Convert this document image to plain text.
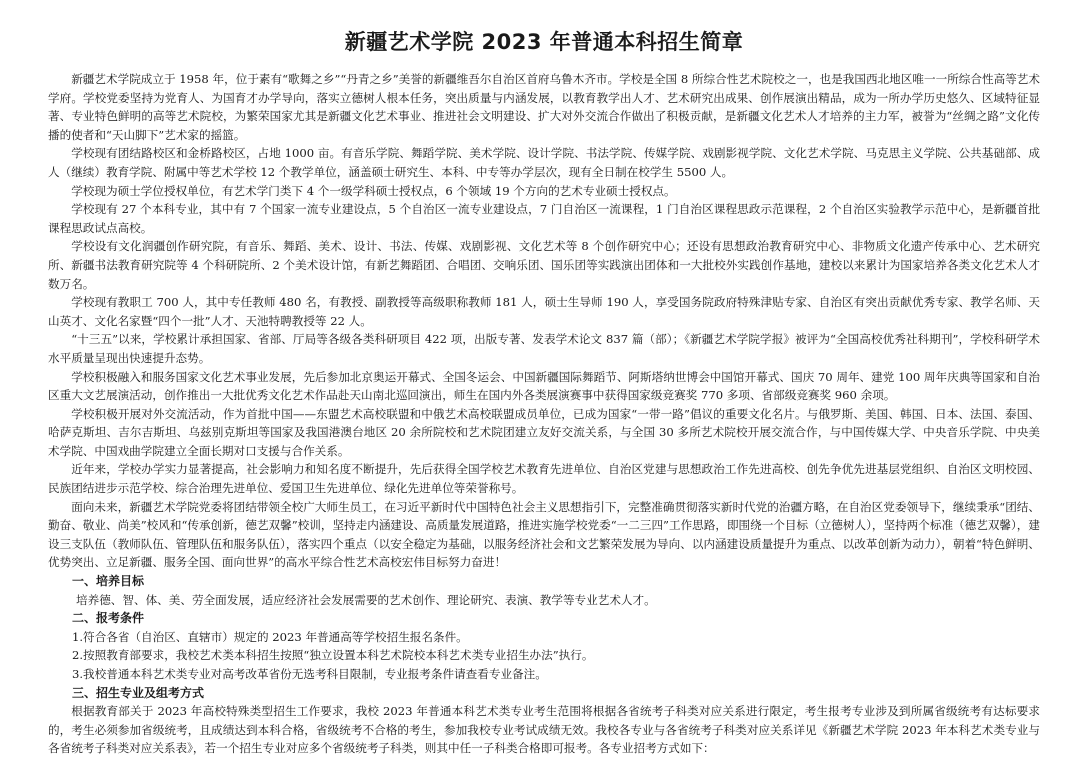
新疆艺术学院 2023 年普通本科招生简章

新疆艺术学院成立于 1958 年，位于素有“歌舞之乡”“丹青之乡”美誉的新疆维吾尔自治区首府乌鲁木齐市。学校是全国 8 所综合性艺术院校之一，也是我国西北地区唯一一所综合性高等艺术学府。学校党委坚持为党育人、为国育才办学导向，落实立德树人根本任务，突出质量与内涵发展，以教育教学出人才、艺术研究出成果、创作展演出精品，成为一所办学历史悠久、区域特征显著、专业特色鲜明的高等艺术院校，为繁荣国家尤其是新疆文化艺术事业、推进社会文明建设、扩大对外交流合作做出了积极贡献，是新疆文化艺术人才培养的主力军，被誉为“丝绸之路”文化传播的使者和“天山脚下”艺术家的摇篮。

学校现有团结路校区和金桥路校区，占地 1000 亩。有音乐学院、舞蹈学院、美术学院、设计学院、书法学院、传媒学院、戏剧影视学院、文化艺术学院、马克思主义学院、公共基础部、成人（继续）教育学院、附属中等艺术学校 12 个教学单位，涵盖硕士研究生、本科、中专等办学层次，现有全日制在校学生 5500 人。

学校现为硕士学位授权单位，有艺术学门类下 4 个一级学科硕士授权点，6 个领域 19 个方向的艺术专业硕士授权点。

学校现有 27 个本科专业，其中有 7 个国家一流专业建设点，5 个自治区一流专业建设点，7 门自治区一流课程，1 门自治区课程思政示范课程，2 个自治区实验教学示范中心，是新疆首批课程思政试点高校。

学校设有文化润疆创作研究院，有音乐、舞蹈、美术、设计、书法、传媒、戏剧影视、文化艺术等 8 个创作研究中心；还设有思想政治教育研究中心、非物质文化遗产传承中心、艺术研究所、新疆书法教育研究院等 4 个科研院所、2 个美术设计馆，有新艺舞蹈团、合唱团、交响乐团、国乐团等实践演出团体和一大批校外实践创作基地，建校以来累计为国家培养各类文化艺术人才数万名。

学校现有教职工 700 人，其中专任教师 480 名，有教授、副教授等高级职称教师 181 人，硕士生导师 190 人，享受国务院政府特殊津贴专家、自治区有突出贡献优秀专家、教学名师、天山英才、文化名家暨“四个一批”人才、天池特聘教授等 22 人。

“十三五”以来，学校累计承担国家、省部、厅局等各级各类科研项目 422 项，出版专著、发表学术论文 837 篇（部）；《新疆艺术学院学报》被评为“全国高校优秀社科期刊”，学校科研学术水平质量呈现出快速提升态势。

学校积极融入和服务国家文化艺术事业发展，先后参加北京奥运开幕式、全国冬运会、中国新疆国际舞蹈节、阿斯塔纳世博会中国馆开幕式、国庆 70 周年、建党 100 周年庆典等国家和自治区重大文艺展演活动，创作推出一大批优秀文化艺术作品赴天山南北巡回演出，师生在国内外各类展演赛事中获得国家级竞赛奖 770 多项、省部级竞赛奖 960 余项。

学校积极开展对外交流活动，作为首批中国——东盟艺术高校联盟和中俄艺术高校联盟成员单位，已成为国家“一带一路”倡议的重要文化名片。与俄罗斯、美国、韩国、日本、法国、泰国、哈萨克斯坦、吉尔吉斯坦、乌兹别克斯坦等国家及我国港澳台地区 20 余所院校和艺术院团建立友好交流关系，与全国 30 多所艺术院校开展交流合作，与中国传媒大学、中央音乐学院、中央美术学院、中国戏曲学院建立全面长期对口支援与合作关系。

近年来，学校办学实力显著提高，社会影响力和知名度不断提升，先后获得全国学校艺术教育先进单位、自治区党建与思想政治工作先进高校、创先争优先进基层党组织、自治区文明校园、民族团结进步示范学校、综合治理先进单位、爱国卫生先进单位、绿化先进单位等荣誉称号。

面向未来，新疆艺术学院党委将团结带领全校广大师生员工，在习近平新时代中国特色社会主义思想指引下，完整准确贯彻落实新时代党的治疆方略，在自治区党委领导下，继续秉承“团结、勤奋、敬业、尚美”校风和“传承创新，德艺双馨”校训，坚持走内涵建设、高质量发展道路，推进实施学校党委“一二三四”工作思路，即围绕一个目标（立德树人），坚持两个标准（德艺双馨），建设三支队伍（教师队伍、管理队伍和服务队伍），落实四个重点（以安全稳定为基础，以服务经济社会和文艺繁荣发展为导向、以内涵建设质量提升为重点、以改革创新为动力），朝着“特色鲜明、优势突出、立足新疆、服务全国、面向世界”的高水平综合性艺术高校宏伟目标努力奋进！

一、培养目标

培养德、智、体、美、劳全面发展，适应经济社会发展需要的艺术创作、理论研究、表演、教学等专业艺术人才。

二、报考条件
1.符合各省（自治区、直辖市）规定的 2023 年普通高等学校招生报名条件。
2.按照教育部要求，我校艺术类本科招生按照“独立设置本科艺术院校本科艺术类专业招生办法”执行。
3.我校普通本科艺术类专业对高考改革省份无选考科目限制，专业报考条件请查看专业备注。
三、招生专业及组考方式

根据教育部关于 2023 年高校特殊类型招生工作要求，我校 2023 年普通本科艺术类专业考生范围将根据各省统考子科类对应关系进行限定，考生报考专业涉及到所属省级统考有达标要求的，考生必须参加省级统考，且成绩达到本科合格，省级统考不合格的考生，参加我校专业考试成绩无效。我校各专业与各省统考子科类对应关系详见《新疆艺术学院 2023 年本科艺术类专业与各省统考子科类对应关系表》，若一个招生专业对应多个省级统考子科类，则其中任一子科类合格即可报考。各专业招考方式如下：
